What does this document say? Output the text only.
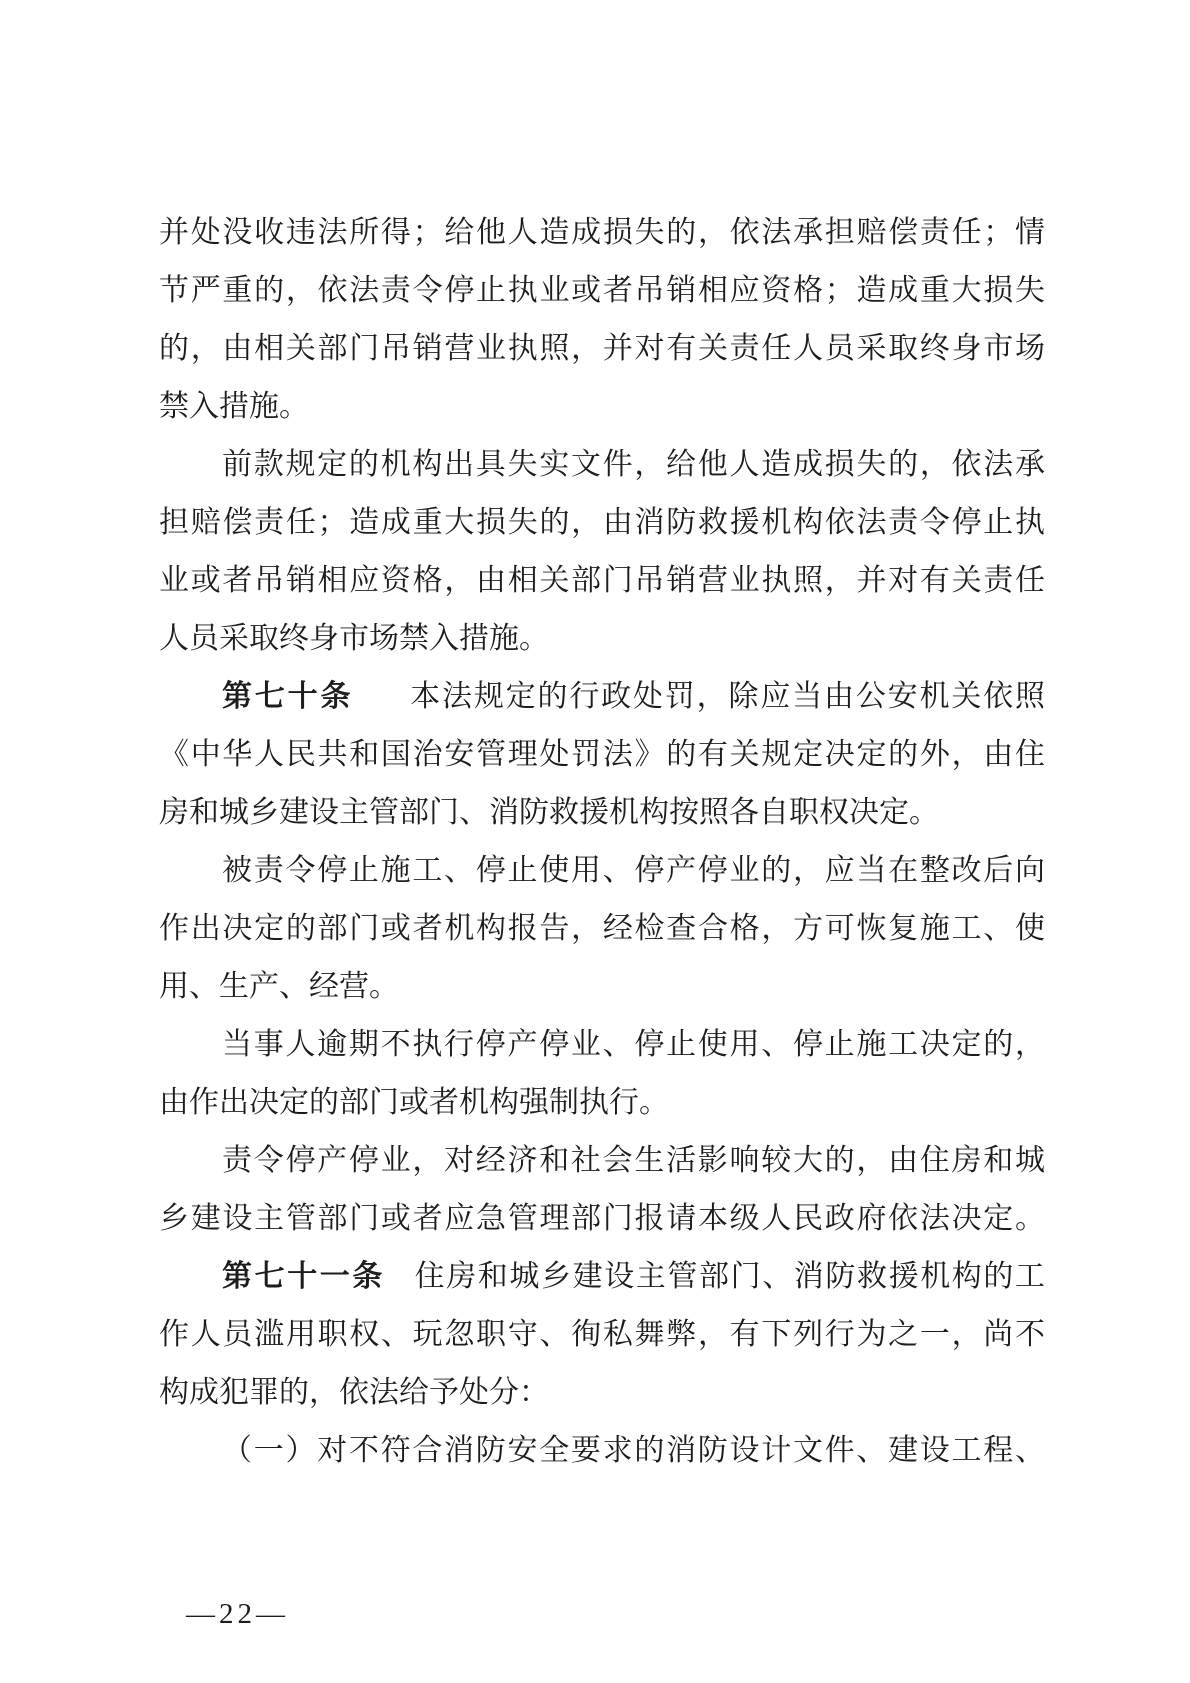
并处没收违法所得；给他人造成损失的，依法承担赔偿责任；情
节严重的，依法责令停止执业或者吊销相应资格；造成重大损失
的，由相关部门吊销营业执照，并对有关责任人员采取终身市场
禁入措施。
前款规定的机构出具失实文件，给他人造成损失的，依法承
担赔偿责任；造成重大损失的，由消防救援机构依法责令停止执
业或者吊销相应资格，由相关部门吊销营业执照，并对有关责任
人员采取终身市场禁入措施。
第七十条 本法规定的行政处罚，除应当由公安机关依照
《中华人民共和国治安管理处罚法》的有关规定决定的外，由住
房和城乡建设主管部门、消防救援机构按照各自职权决定。
被责令停止施工、停止使用、停产停业的，应当在整改后向
作出决定的部门或者机构报告，经检查合格，方可恢复施工、使
用、生产、经营。
当事人逾期不执行停产停业、停止使用、停止施工决定的，
由作出决定的部门或者机构强制执行。
责令停产停业，对经济和社会生活影响较大的，由住房和城
乡建设主管部门或者应急管理部门报请本级人民政府依法决定。
第七十一条 住房和城乡建设主管部门、消防救援机构的工
作人员滥用职权、玩忽职守、徇私舞弊，有下列行为之一，尚不
构成犯罪的，依法给予处分：
（一）对不符合消防安全要求的消防设计文件、建设工程、
—22—
